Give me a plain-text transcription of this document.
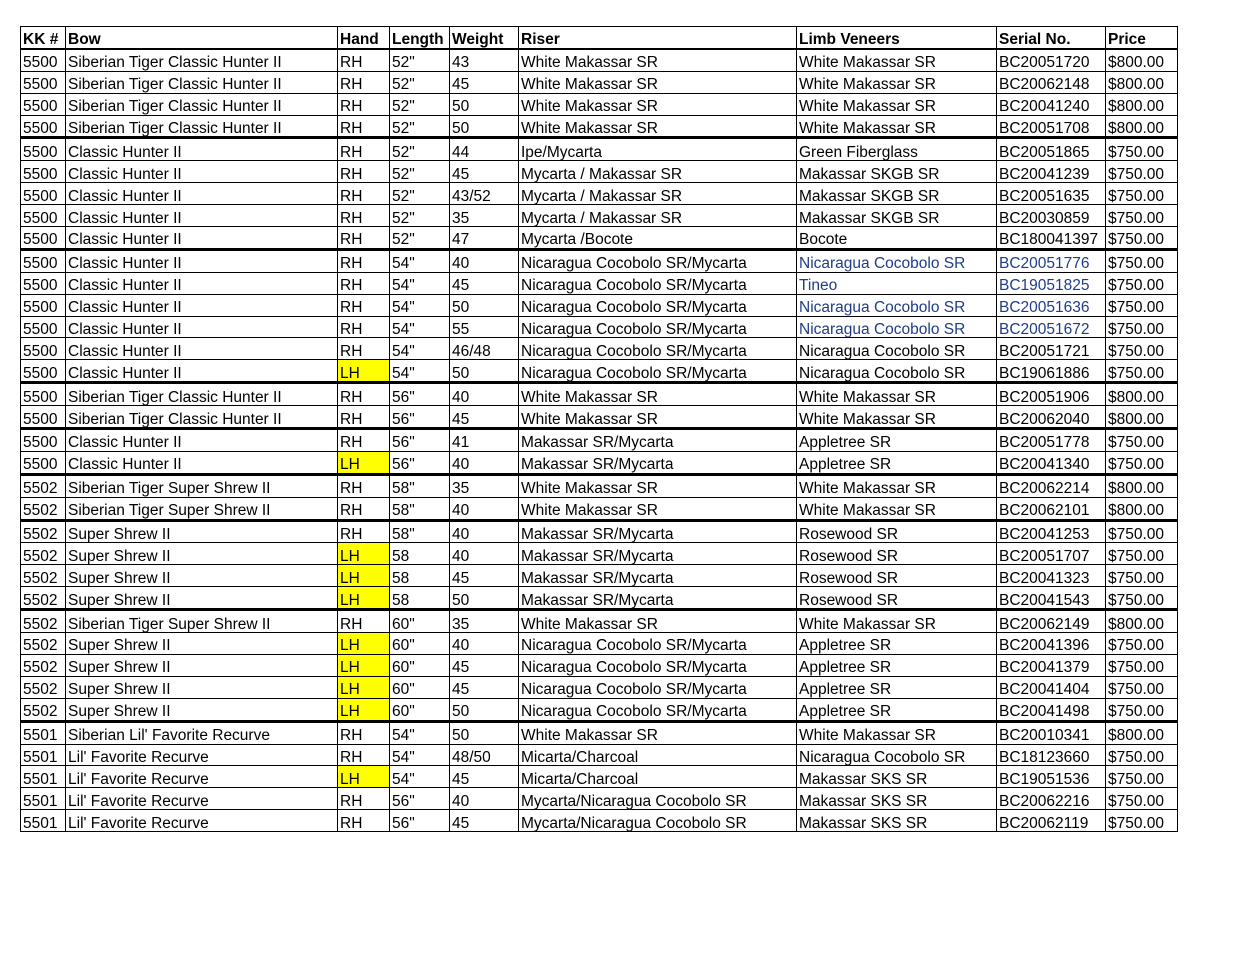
KK #	Bow	Hand	Length	Weight	Riser	Limb Veneers	Serial No.	Price
5500	Siberian Tiger Classic Hunter II	RH	52"	43	White Makassar SR	White Makassar SR	BC20051720	$800.00
5500	Siberian Tiger Classic Hunter II	RH	52"	45	White Makassar SR	White Makassar SR	BC20062148	$800.00
5500	Siberian Tiger Classic Hunter II	RH	52"	50	White Makassar SR	White Makassar SR	BC20041240	$800.00
5500	Siberian Tiger Classic Hunter II	RH	52"	50	White Makassar SR	White Makassar SR	BC20051708	$800.00
5500	Classic Hunter II	RH	52"	44	Ipe/Mycarta	Green Fiberglass	BC20051865	$750.00
5500	Classic Hunter II	RH	52"	45	Mycarta / Makassar SR	Makassar SKGB SR	BC20041239	$750.00
5500	Classic Hunter II	RH	52"	43/52	Mycarta / Makassar SR	Makassar SKGB SR	BC20051635	$750.00
5500	Classic Hunter II	RH	52"	35	Mycarta / Makassar SR	Makassar SKGB SR	BC20030859	$750.00
5500	Classic Hunter II	RH	52"	47	Mycarta /Bocote	Bocote	BC180041397	$750.00
5500	Classic Hunter II	RH	54"	40	Nicaragua Cocobolo SR/Mycarta	Nicaragua Cocobolo SR	BC20051776	$750.00
5500	Classic Hunter II	RH	54"	45	Nicaragua Cocobolo SR/Mycarta	Tineo	BC19051825	$750.00
5500	Classic Hunter II	RH	54"	50	Nicaragua Cocobolo SR/Mycarta	Nicaragua Cocobolo SR	BC20051636	$750.00
5500	Classic Hunter II	RH	54"	55	Nicaragua Cocobolo SR/Mycarta	Nicaragua Cocobolo SR	BC20051672	$750.00
5500	Classic Hunter II	RH	54"	46/48	Nicaragua Cocobolo SR/Mycarta	Nicaragua Cocobolo SR	BC20051721	$750.00
5500	Classic Hunter II	LH	54"	50	Nicaragua Cocobolo SR/Mycarta	Nicaragua Cocobolo SR	BC19061886	$750.00
5500	Siberian Tiger Classic Hunter II	RH	56"	40	White Makassar SR	White Makassar SR	BC20051906	$800.00
5500	Siberian Tiger Classic Hunter II	RH	56"	45	White Makassar SR	White Makassar SR	BC20062040	$800.00
5500	Classic Hunter II	RH	56"	41	Makassar SR/Mycarta	Appletree SR	BC20051778	$750.00
5500	Classic Hunter II	LH	56"	40	Makassar SR/Mycarta	Appletree SR	BC20041340	$750.00
5502	Siberian Tiger Super Shrew II	RH	58"	35	White Makassar SR	White Makassar SR	BC20062214	$800.00
5502	Siberian Tiger Super Shrew II	RH	58"	40	White Makassar SR	White Makassar SR	BC20062101	$800.00
5502	Super Shrew II	RH	58"	40	Makassar SR/Mycarta	Rosewood SR	BC20041253	$750.00
5502	Super Shrew II	LH	58	40	Makassar SR/Mycarta	Rosewood SR	BC20051707	$750.00
5502	Super Shrew II	LH	58	45	Makassar SR/Mycarta	Rosewood SR	BC20041323	$750.00
5502	Super Shrew II	LH	58	50	Makassar SR/Mycarta	Rosewood SR	BC20041543	$750.00
5502	Siberian Tiger Super Shrew II	RH	60"	35	White Makassar SR	White Makassar SR	BC20062149	$800.00
5502	Super Shrew II	LH	60"	40	Nicaragua Cocobolo SR/Mycarta	Appletree SR	BC20041396	$750.00
5502	Super Shrew II	LH	60"	45	Nicaragua Cocobolo SR/Mycarta	Appletree SR	BC20041379	$750.00
5502	Super Shrew II	LH	60"	45	Nicaragua Cocobolo SR/Mycarta	Appletree SR	BC20041404	$750.00
5502	Super Shrew II	LH	60"	50	Nicaragua Cocobolo SR/Mycarta	Appletree SR	BC20041498	$750.00
5501	Siberian Lil' Favorite Recurve	RH	54"	50	White Makassar SR	White Makassar SR	BC20010341	$800.00
5501	Lil' Favorite Recurve	RH	54"	48/50	Micarta/Charcoal	Nicaragua Cocobolo SR	BC18123660	$750.00
5501	Lil' Favorite Recurve	LH	54"	45	Micarta/Charcoal	Makassar SKS SR	BC19051536	$750.00
5501	Lil' Favorite Recurve	RH	56"	40	Mycarta/Nicaragua Cocobolo SR	Makassar SKS SR	BC20062216	$750.00
5501	Lil' Favorite Recurve	RH	56"	45	Mycarta/Nicaragua Cocobolo SR	Makassar SKS SR	BC20062119	$750.00
